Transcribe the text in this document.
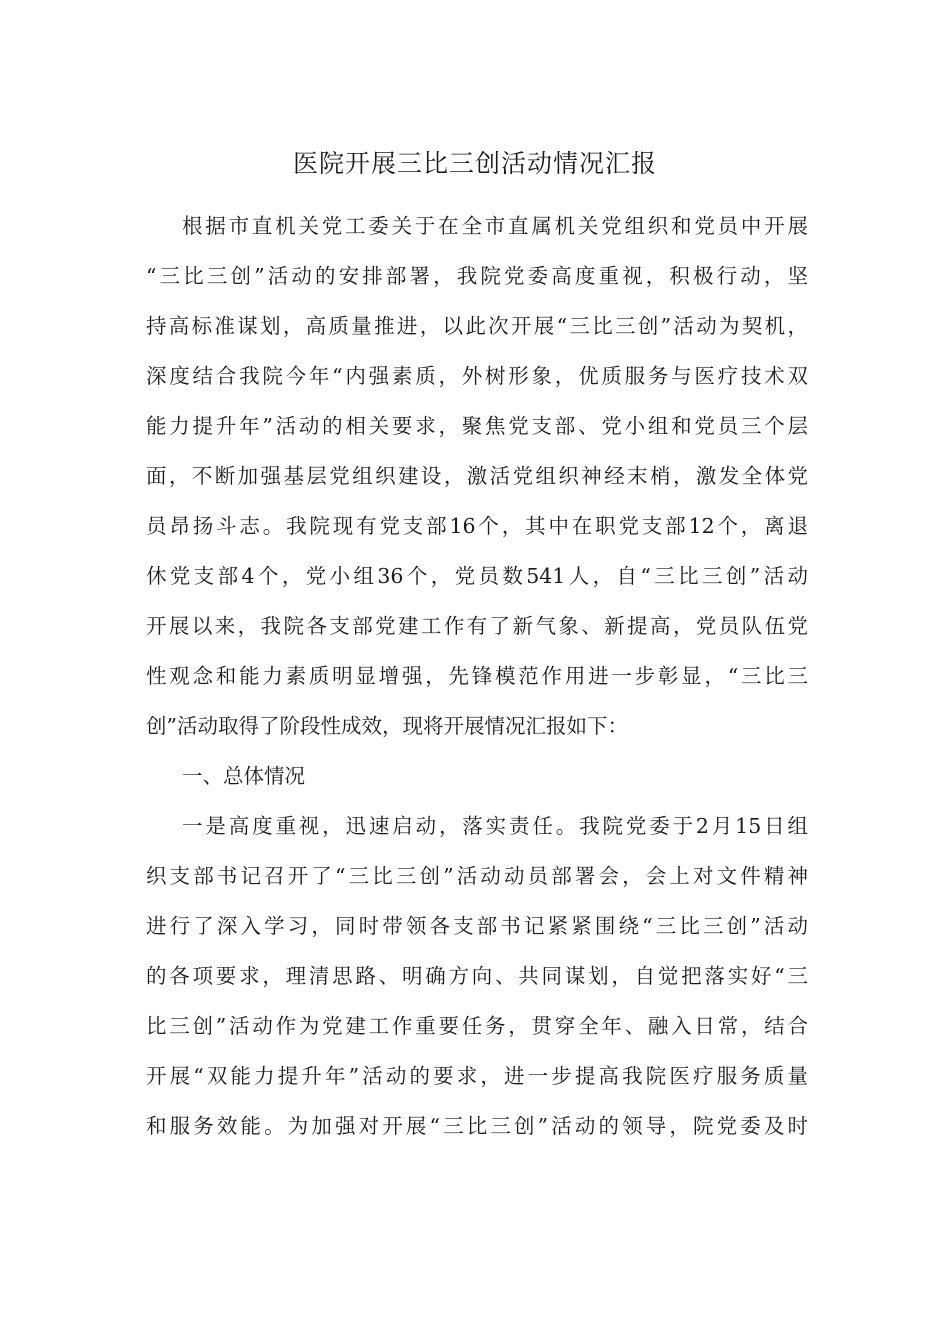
医院开展三比三创活动情况汇报
根据市直机关党工委关于在全市直属机关党组织和党员中开展
“三比三创”活动的安排部署，我院党委高度重视，积极行动，坚
持高标准谋划，高质量推进，以此次开展“三比三创”活动为契机，
深度结合我院今年“内强素质，外树形象，优质服务与医疗技术双
能力提升年”活动的相关要求，聚焦党支部、党小组和党员三个层
面，不断加强基层党组织建设，激活党组织神经末梢，激发全体党
员昂扬斗志。我院现有党支部16个，其中在职党支部12个，离退
休党支部4个，党小组36个，党员数541人，自“三比三创”活动
开展以来，我院各支部党建工作有了新气象、新提高，党员队伍党
性观念和能力素质明显增强，先锋模范作用进一步彰显，“三比三
创”活动取得了阶段性成效，现将开展情况汇报如下：
一、总体情况
一是高度重视，迅速启动，落实责任。我院党委于2月15日组
织支部书记召开了“三比三创”活动动员部署会，会上对文件精神
进行了深入学习，同时带领各支部书记紧紧围绕“三比三创”活动
的各项要求，理清思路、明确方向、共同谋划，自觉把落实好“三
比三创”活动作为党建工作重要任务，贯穿全年、融入日常，结合
开展“双能力提升年”活动的要求，进一步提高我院医疗服务质量
和服务效能。为加强对开展“三比三创”活动的领导，院党委及时
